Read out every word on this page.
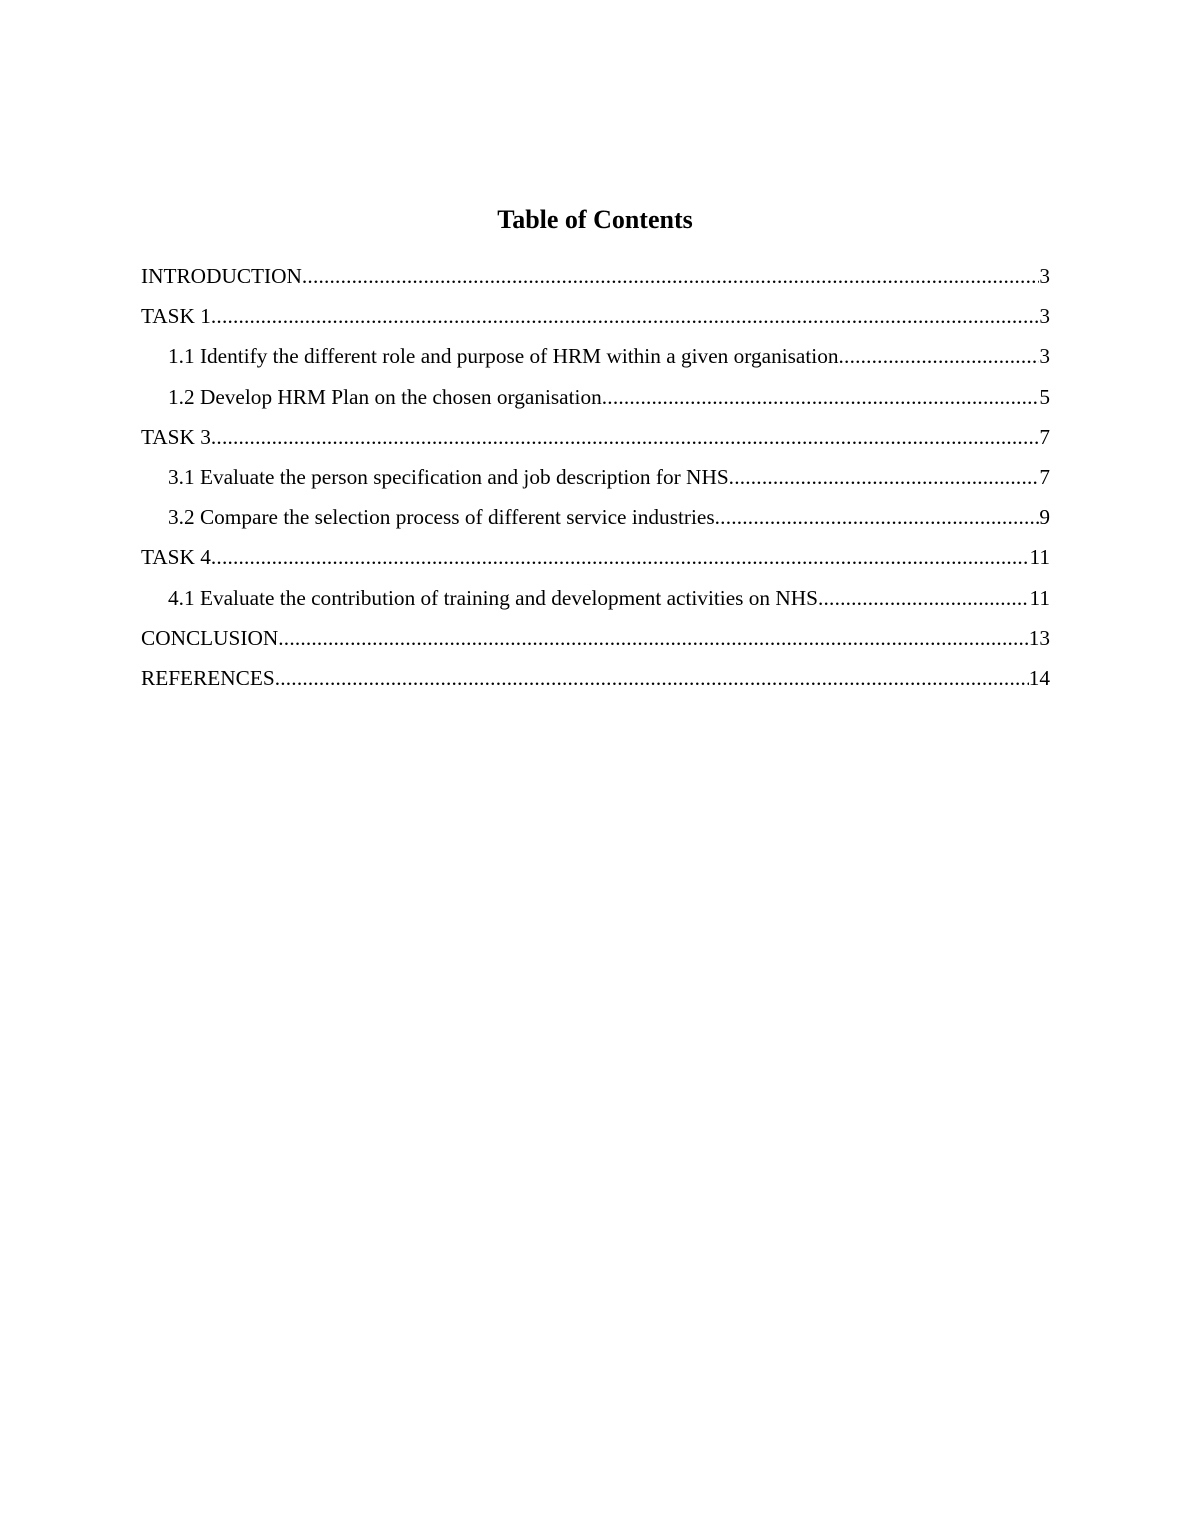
Table of Contents
INTRODUCTION .....	3
TASK 1 .....	3
1.1 Identify the different role and purpose of HRM within a given organisation .....	3
1.2 Develop HRM Plan on the chosen organisation .....	5
TASK 3 .....	7
3.1 Evaluate the person specification and job description for NHS .....	7
3.2 Compare the selection process of different service industries .....	9
TASK 4 .....	11
4.1 Evaluate the contribution of training and development activities on NHS .....	11
CONCLUSION .....	13
REFERENCES .....	14
